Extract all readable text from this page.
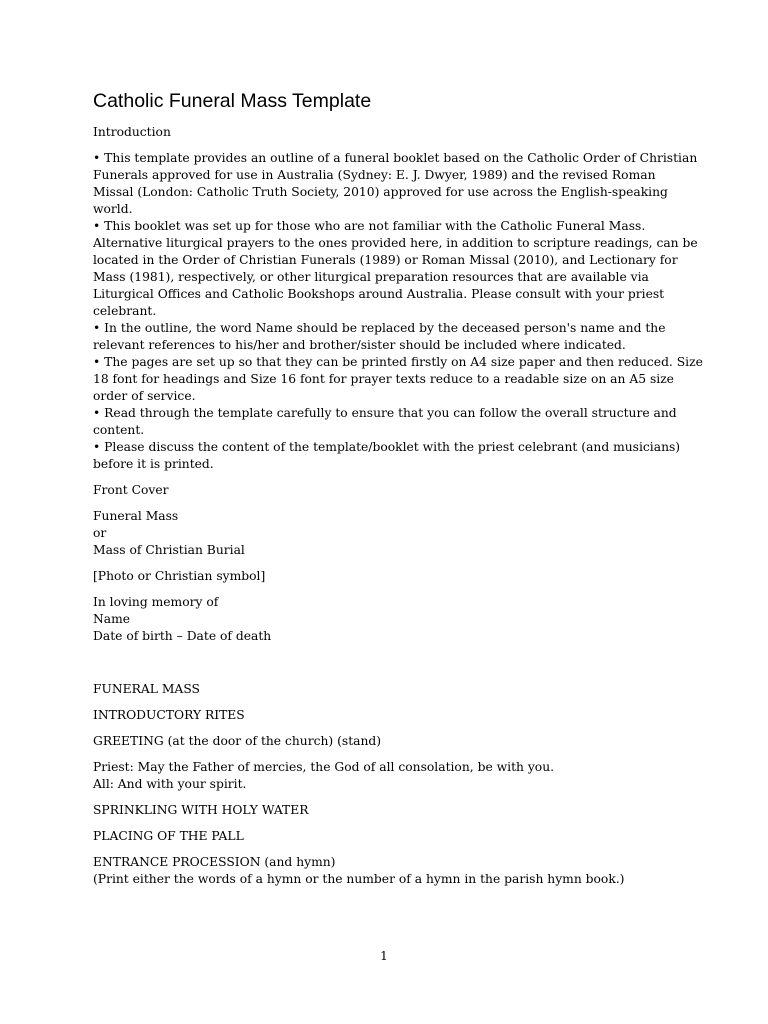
Catholic Funeral Mass Template
Introduction
• This template provides an outline of a funeral booklet based on the Catholic Order of Christian
Funerals approved for use in Australia (Sydney: E. J. Dwyer, 1989) and the revised Roman
Missal (London: Catholic Truth Society, 2010) approved for use across the English-speaking
world.
• This booklet was set up for those who are not familiar with the Catholic Funeral Mass.
Alternative liturgical prayers to the ones provided here, in addition to scripture readings, can be
located in the Order of Christian Funerals (1989) or Roman Missal (2010), and Lectionary for
Mass (1981), respectively, or other liturgical preparation resources that are available via
Liturgical Offices and Catholic Bookshops around Australia. Please consult with your priest
celebrant.
• In the outline, the word Name should be replaced by the deceased person's name and the
relevant references to his/her and brother/sister should be included where indicated.
• The pages are set up so that they can be printed firstly on A4 size paper and then reduced. Size
18 font for headings and Size 16 font for prayer texts reduce to a readable size on an A5 size
order of service.
• Read through the template carefully to ensure that you can follow the overall structure and
content.
• Please discuss the content of the template/booklet with the priest celebrant (and musicians)
before it is printed.
Front Cover
Funeral Mass
or
Mass of Christian Burial
[Photo or Christian symbol]
In loving memory of
Name
Date of birth – Date of death
FUNERAL MASS
INTRODUCTORY RITES
GREETING (at the door of the church) (stand)
Priest: May the Father of mercies, the God of all consolation, be with you.
All: And with your spirit.
SPRINKLING WITH HOLY WATER
PLACING OF THE PALL
ENTRANCE PROCESSION (and hymn)
(Print either the words of a hymn or the number of a hymn in the parish hymn book.)
1
